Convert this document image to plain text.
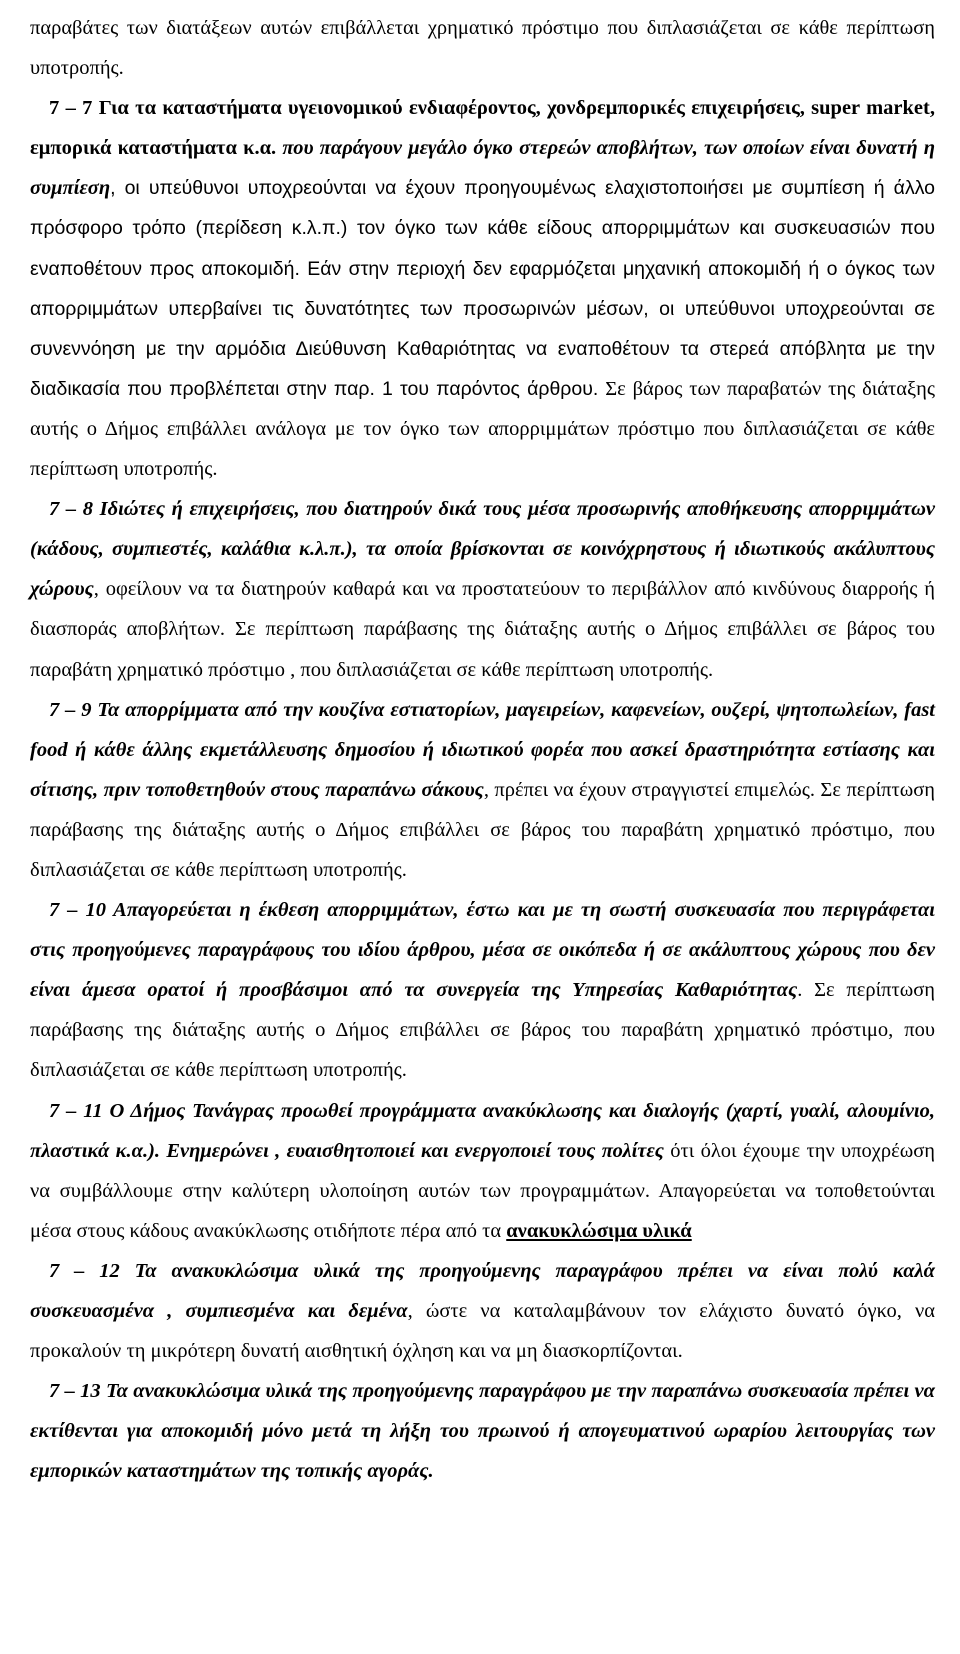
παραβάτες των διατάξεων αυτών επιβάλλεται χρηματικό πρόστιμο που διπλασιάζεται σε κάθε περίπτωση υποτροπής.

7 – 7 Για τα καταστήματα υγειονομικού ενδιαφέροντος, χονδρεμπορικές επιχειρήσεις, super market, εμπορικά καταστήματα κ.α. που παράγουν μεγάλο όγκο στερεών αποβλήτων, των οποίων είναι δυνατή η συμπίεση, οι υπεύθυνοι υποχρεούνται να έχουν προηγουμένως ελαχιστοποιήσει με συμπίεση ή άλλο πρόσφορο τρόπο (περίδεση κ.λ.π.) τον όγκο των κάθε είδους απορριμμάτων και συσκευασιών που εναποθέτουν προς αποκομιδή. Εάν στην περιοχή δεν εφαρμόζεται μηχανική αποκομιδή ή ο όγκος των απορριμμάτων υπερβαίνει τις δυνατότητες των προσωρινών μέσων, οι υπεύθυνοι υποχρεούνται σε συνεννόηση με την αρμόδια Διεύθυνση Καθαριότητας να εναποθέτουν τα στερεά απόβλητα με την διαδικασία που προβλέπεται στην παρ. 1 του παρόντος άρθρου. Σε βάρος των παραβατών της διάταξης αυτής ο Δήμος επιβάλλει ανάλογα με τον όγκο των απορριμμάτων πρόστιμο που διπλασιάζεται σε κάθε περίπτωση υποτροπής.

7 – 8 Ιδιώτες ή επιχειρήσεις, που διατηρούν δικά τους μέσα προσωρινής αποθήκευσης απορριμμάτων (κάδους, συμπιεστές, καλάθια κ.λ.π.), τα οποία βρίσκονται σε κοινόχρηστους ή ιδιωτικούς ακάλυπτους χώρους, οφείλουν να τα διατηρούν καθαρά και να προστατεύουν το περιβάλλον από κινδύνους διαρροής ή διασποράς αποβλήτων. Σε περίπτωση παράβασης της διάταξης αυτής ο Δήμος επιβάλλει σε βάρος του παραβάτη χρηματικό πρόστιμο , που διπλασιάζεται σε κάθε περίπτωση υποτροπής.

7 – 9 Τα απορρίμματα από την κουζίνα εστιατορίων, μαγειρείων, καφενείων, ουζερί, ψητοπωλείων, fast food ή κάθε άλλης εκμετάλλευσης δημοσίου ή ιδιωτικού φορέα που ασκεί δραστηριότητα εστίασης και σίτισης, πριν τοποθετηθούν στους παραπάνω σάκους, πρέπει να έχουν στραγγιστεί επιμελώς. Σε περίπτωση παράβασης της διάταξης αυτής ο Δήμος επιβάλλει σε βάρος του παραβάτη χρηματικό πρόστιμο, που διπλασιάζεται σε κάθε περίπτωση υποτροπής.

7 – 10 Απαγορεύεται η έκθεση απορριμμάτων, έστω και με τη σωστή συσκευασία που περιγράφεται στις προηγούμενες παραγράφους του ιδίου άρθρου, μέσα σε οικόπεδα ή σε ακάλυπτους χώρους που δεν είναι άμεσα ορατοί ή προσβάσιμοι από τα συνεργεία της Υπηρεσίας Καθαριότητας. Σε περίπτωση παράβασης της διάταξης αυτής ο Δήμος επιβάλλει σε βάρος του παραβάτη χρηματικό πρόστιμο, που διπλασιάζεται σε κάθε περίπτωση υποτροπής.

7 – 11 Ο Δήμος Τανάγρας προωθεί προγράμματα ανακύκλωσης και διαλογής (χαρτί, γυαλί, αλουμίνιο, πλαστικά κ.α.). Ενημερώνει , ευαισθητοποιεί και ενεργοποιεί τους πολίτες ότι όλοι έχουμε την υποχρέωση να συμβάλλουμε στην καλύτερη υλοποίηση αυτών των προγραμμάτων. Απαγορεύεται να τοποθετούνται μέσα στους κάδους ανακύκλωσης οτιδήποτε πέρα από τα ανακυκλώσιμα υλικά

7 – 12 Τα ανακυκλώσιμα υλικά της προηγούμενης παραγράφου πρέπει να είναι πολύ καλά συσκευασμένα , συμπιεσμένα και δεμένα, ώστε να καταλαμβάνουν τον ελάχιστο δυνατό όγκο, να προκαλούν τη μικρότερη δυνατή αισθητική όχληση και να μη διασκορπίζονται.

7 – 13 Τα ανακυκλώσιμα υλικά της προηγούμενης παραγράφου με την παραπάνω συσκευασία πρέπει να εκτίθενται για αποκομιδή μόνο μετά τη λήξη του πρωινού ή απογευματινού ωραρίου λειτουργίας των εμπορικών καταστημάτων της τοπικής αγοράς.
